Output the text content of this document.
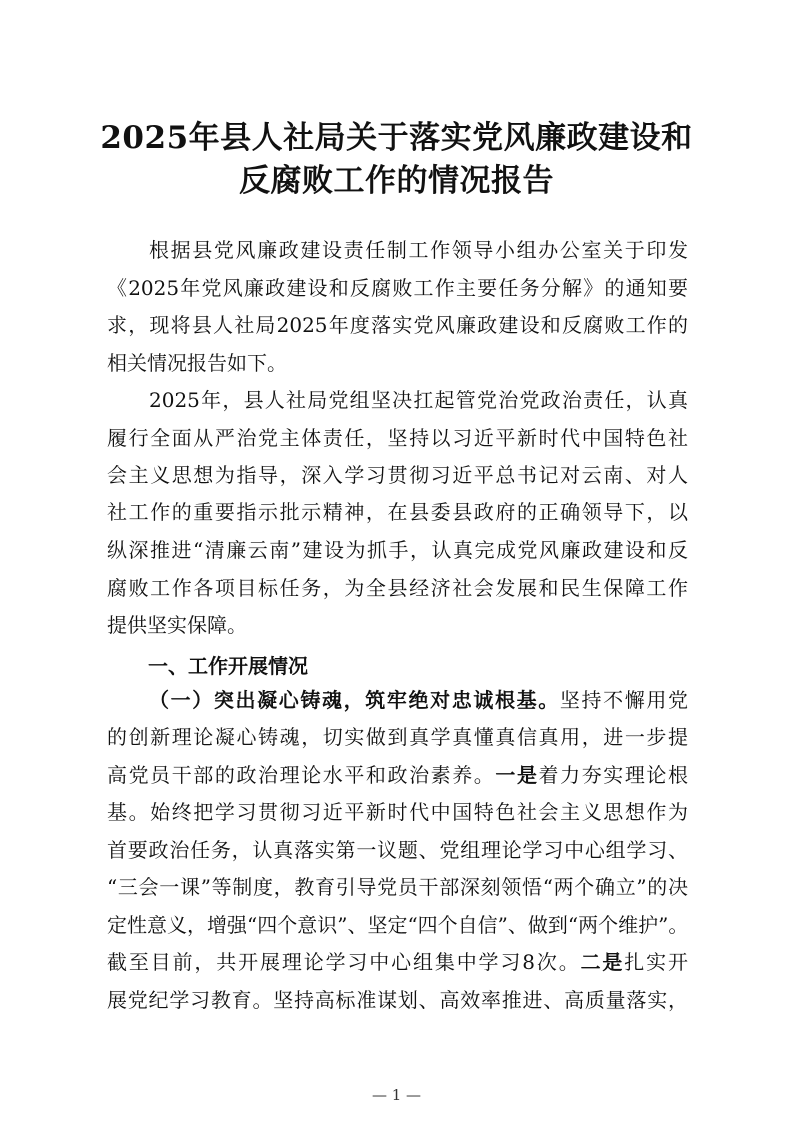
2025年县人社局关于落实党风廉政建设和
反腐败工作的情况报告
根据县党风廉政建设责任制工作领导小组办公室关于印发
《2025年党风廉政建设和反腐败工作主要任务分解》的通知要
求，现将县人社局2025年度落实党风廉政建设和反腐败工作的
相关情况报告如下。
2025年，县人社局党组坚决扛起管党治党政治责任，认真
履行全面从严治党主体责任，坚持以习近平新时代中国特色社
会主义思想为指导，深入学习贯彻习近平总书记对云南、对人
社工作的重要指示批示精神，在县委县政府的正确领导下，以
纵深推进“清廉云南”建设为抓手，认真完成党风廉政建设和反
腐败工作各项目标任务，为全县经济社会发展和民生保障工作
提供坚实保障。
一、工作开展情况
（一）突出凝心铸魂，筑牢绝对忠诚根基。坚持不懈用党
的创新理论凝心铸魂，切实做到真学真懂真信真用，进一步提
高党员干部的政治理论水平和政治素养。一是着力夯实理论根
基。始终把学习贯彻习近平新时代中国特色社会主义思想作为
首要政治任务，认真落实第一议题、党组理论学习中心组学习、
“三会一课”等制度，教育引导党员干部深刻领悟“两个确立”的决
定性意义，增强“四个意识”、坚定“四个自信”、做到“两个维护”。
截至目前，共开展理论学习中心组集中学习8次。二是扎实开
展党纪学习教育。坚持高标准谋划、高效率推进、高质量落实，
— 1 —
